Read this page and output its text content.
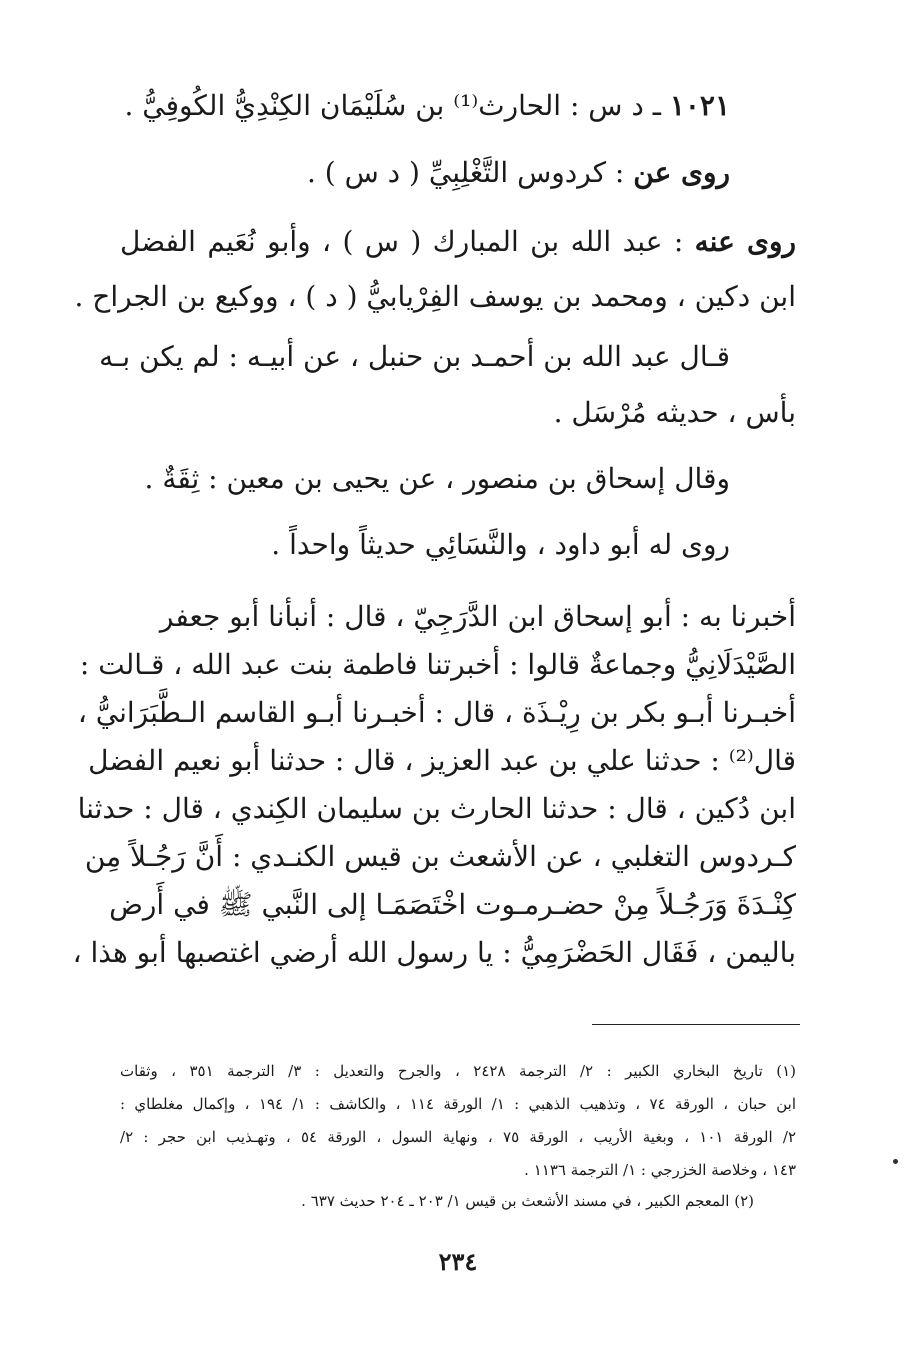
١٠٢١ ـ د س : الحارث⁽¹⁾ بن سُلَيْمَان الكِنْدِيُّ الكُوفِيُّ .
روى عن : كردوس التَّغْلِبِيِّ ( د س ) .
روى عنه : عبد الله بن المبارك ( س ) ، وأبو نُعَيم الفضل
ابن دكين ، ومحمد بن يوسف الفِرْيابيُّ ( د ) ، ووكيع بن الجراح .
قـال عبد الله بن أحمـد بن حنبل ، عن أبيـه : لم يكن بـه
بأس ، حديثه مُرْسَل .
وقال إسحاق بن منصور ، عن يحيى بن معين : ثِقَةٌ .
روى له أبو داود ، والنَّسَائِي حديثاً واحداً .
أخبرنا به : أبو إسحاق ابن الدَّرَجِيّ ، قال : أنبأنا أبو جعفر
الصَّيْدَلَانِيُّ وجماعةٌ قالوا : أخبرتنا فاطمة بنت عبد الله ، قـالت :
أخبـرنا أبـو بكر بن رِيْـذَة ، قال : أخبـرنا أبـو القاسم الـطَّبَرَانيُّ ،
قال⁽²⁾ : حدثنا علي بن عبد العزيز ، قال : حدثنا أبو نعيم الفضل
ابن دُكين ، قال : حدثنا الحارث بن سليمان الكِندي ، قال : حدثنا
كـردوس التغلبي ، عن الأشعث بن قيس الكنـدي : أَنَّ رَجُـلاً مِن
كِنْـدَةَ وَرَجُـلاً مِنْ حضـرمـوت اخْتَصَمَـا إلى النَّبي ﷺ في أَرض
باليمن ، فَقَال الحَضْرَمِيُّ : يا رسول الله أرضي اغتصبها أبو هذا ،
(١) تاريخ البخاري الكبير : ٢/ الترجمة ٢٤٢٨ ، والجرح والتعديل : ٣/ الترجمة ٣٥١ ، وثقات
ابن حبان ، الورقة ٧٤ ، وتذهيب الذهبي : ١/ الورقة ١١٤ ، والكاشف : ١/ ١٩٤ ، وإكمال مغلطاي :
٢/ الورقة ١٠١ ، وبغية الأريب ، الورقة ٧٥ ، ونهاية السول ، الورقة ٥٤ ، وتهـذيب ابن حجر : ٢/
١٤٣ ، وخلاصة الخزرجي : ١/ الترجمة ١١٣٦ .
(٢) المعجم الكبير ، في مسند الأشعث بن قيس ١/ ٢٠٣ ـ ٢٠٤ حديث ٦٣٧ .
٢٣٤
